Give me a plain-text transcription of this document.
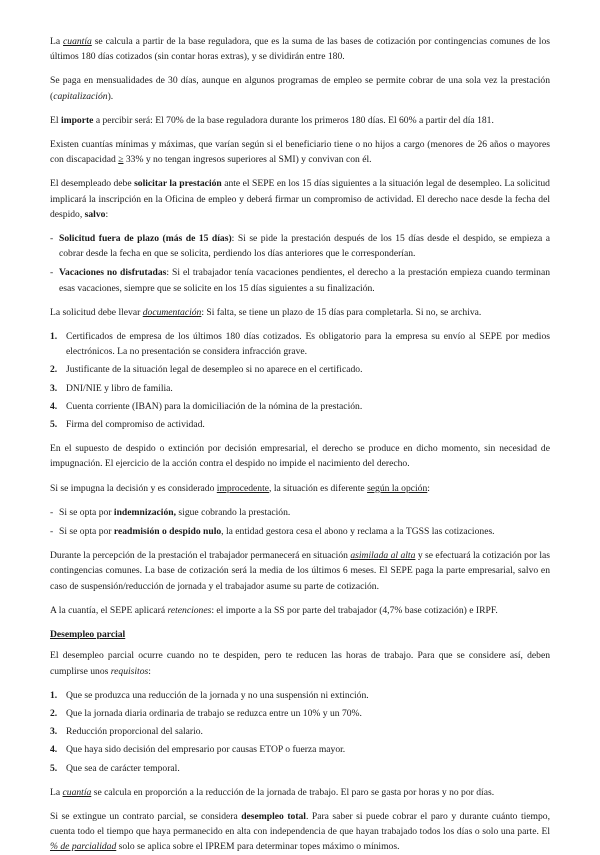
La cuantía se calcula a partir de la base reguladora, que es la suma de las bases de cotización por contingencias comunes de los últimos 180 días cotizados (sin contar horas extras), y se dividirán entre 180.

Se paga en mensualidades de 30 días, aunque en algunos programas de empleo se permite cobrar de una sola vez la prestación (capitalización).

El importe a percibir será: El 70% de la base reguladora durante los primeros 180 días. El 60% a partir del día 181.

Existen cuantías mínimas y máximas, que varían según si el beneficiario tiene o no hijos a cargo (menores de 26 años o mayores con discapacidad ≥ 33% y no tengan ingresos superiores al SMI) y convivan con él.

El desempleado debe solicitar la prestación ante el SEPE en los 15 días siguientes a la situación legal de desempleo. La solicitud implicará la inscripción en la Oficina de empleo y deberá firmar un compromiso de actividad. El derecho nace desde la fecha del despido, salvo:

- Solicitud fuera de plazo (más de 15 días): Si se pide la prestación después de los 15 días desde el despido, se empieza a cobrar desde la fecha en que se solicita, perdiendo los días anteriores que le corresponderían.
- Vacaciones no disfrutadas: Si el trabajador tenía vacaciones pendientes, el derecho a la prestación empieza cuando terminan esas vacaciones, siempre que se solicite en los 15 días siguientes a su finalización.

La solicitud debe llevar documentación: Si falta, se tiene un plazo de 15 días para completarla. Si no, se archiva.

1. Certificados de empresa de los últimos 180 días cotizados. Es obligatorio para la empresa su envío al SEPE por medios electrónicos. La no presentación se considera infracción grave.
2. Justificante de la situación legal de desempleo si no aparece en el certificado.
3. DNI/NIE y libro de familia.
4. Cuenta corriente (IBAN) para la domiciliación de la nómina de la prestación.
5. Firma del compromiso de actividad.

En el supuesto de despido o extinción por decisión empresarial, el derecho se produce en dicho momento, sin necesidad de impugnación. El ejercicio de la acción contra el despido no impide el nacimiento del derecho.

Si se impugna la decisión y es considerado improcedente, la situación es diferente según la opción:

- Si se opta por indemnización, sigue cobrando la prestación.
- Si se opta por readmisión o despido nulo, la entidad gestora cesa el abono y reclama a la TGSS las cotizaciones.

Durante la percepción de la prestación el trabajador permanecerá en situación asimilada al alta y se efectuará la cotización por las contingencias comunes. La base de cotización será la media de los últimos 6 meses. El SEPE paga la parte empresarial, salvo en caso de suspensión/reducción de jornada y el trabajador asume su parte de cotización.

A la cuantía, el SEPE aplicará retenciones: el importe a la SS por parte del trabajador (4,7% base cotización) e IRPF.

Desempleo parcial

El desempleo parcial ocurre cuando no te despiden, pero te reducen las horas de trabajo. Para que se considere así, deben cumplirse unos requisitos:

1. Que se produzca una reducción de la jornada y no una suspensión ni extinción.
2. Que la jornada diaria ordinaria de trabajo se reduzca entre un 10% y un 70%.
3. Reducción proporcional del salario.
4. Que haya sido decisión del empresario por causas ETOP o fuerza mayor.
5. Que sea de carácter temporal.

La cuantía se calcula en proporción a la reducción de la jornada de trabajo. El paro se gasta por horas y no por días.

Si se extingue un contrato parcial, se considera desempleo total. Para saber si puede cobrar el paro y durante cuánto tiempo, cuenta todo el tiempo que haya permanecido en alta con independencia de que hayan trabajado todos los días o solo una parte. El % de parcialidad solo se aplica sobre el IPREM para determinar topes máximo o mínimos.
